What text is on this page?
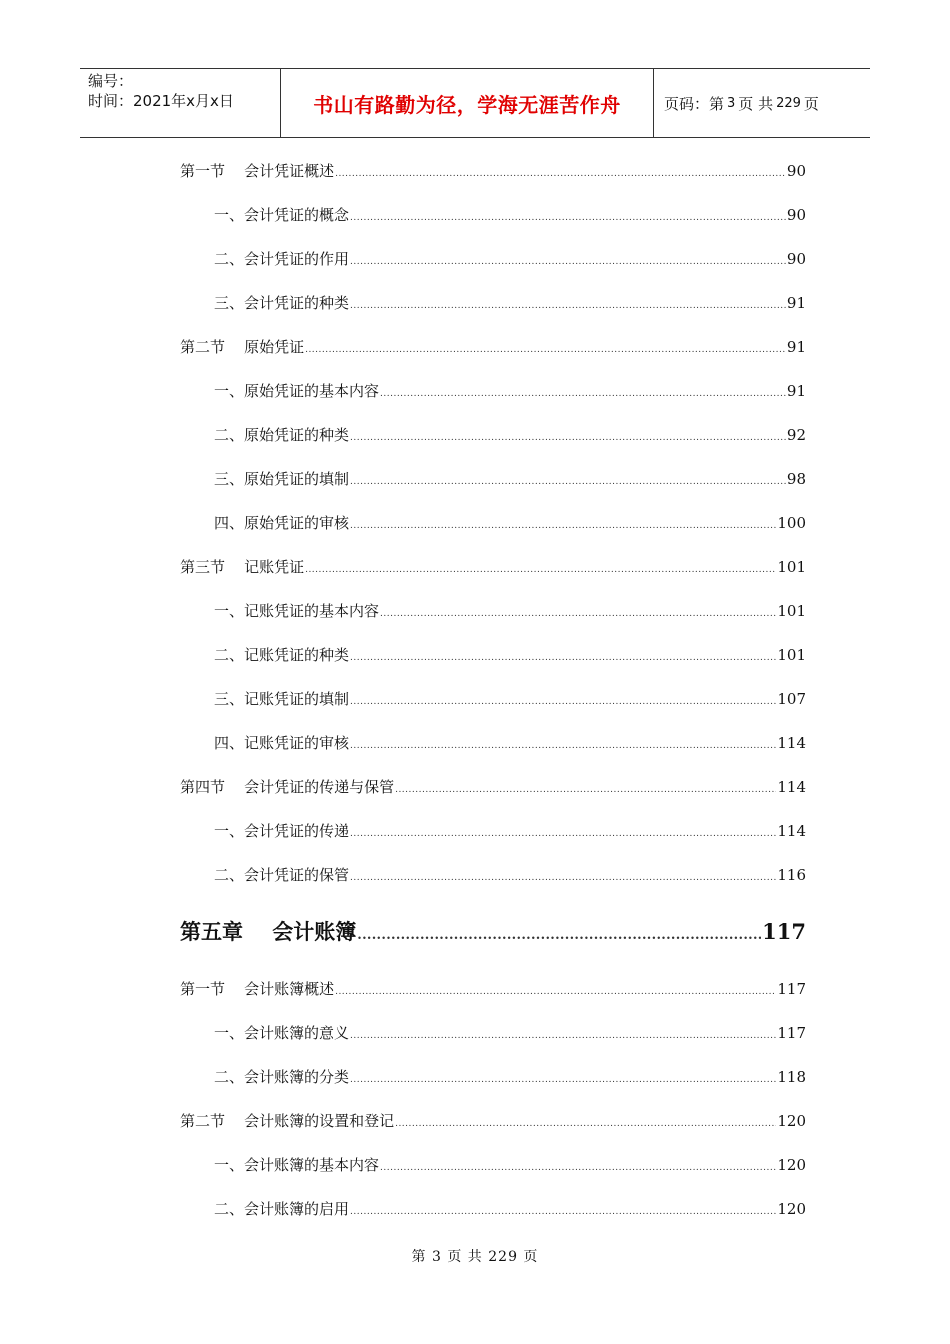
编号：
时间：2021年x月x日	书山有路勤为径，学海无涯苦作舟	页码：第 3 页 共 229 页
第一节    会计凭证概述 .....	90
一、会计凭证的概念 .....	90
二、会计凭证的作用 .....	90
三、会计凭证的种类 .....	91
第二节    原始凭证 .....	91
一、原始凭证的基本内容 .....	91
二、原始凭证的种类 .....	92
三、原始凭证的填制 .....	98
四、原始凭证的审核 .....	100
第三节    记账凭证 .....	101
一、记账凭证的基本内容 .....	101
二、记账凭证的种类 .....	101
三、记账凭证的填制 .....	107
四、记账凭证的审核 .....	114
第四节    会计凭证的传递与保管 .....	114
一、会计凭证的传递 .....	114
二、会计凭证的保管 .....	116
第五章    会计账簿 .....	117
第一节    会计账簿概述 .....	117
一、会计账簿的意义 .....	117
二、会计账簿的分类 .....	118
第二节    会计账簿的设置和登记 .....	120
一、会计账簿的基本内容 .....	120
二、会计账簿的启用 .....	120
第 3 页 共 229 页
